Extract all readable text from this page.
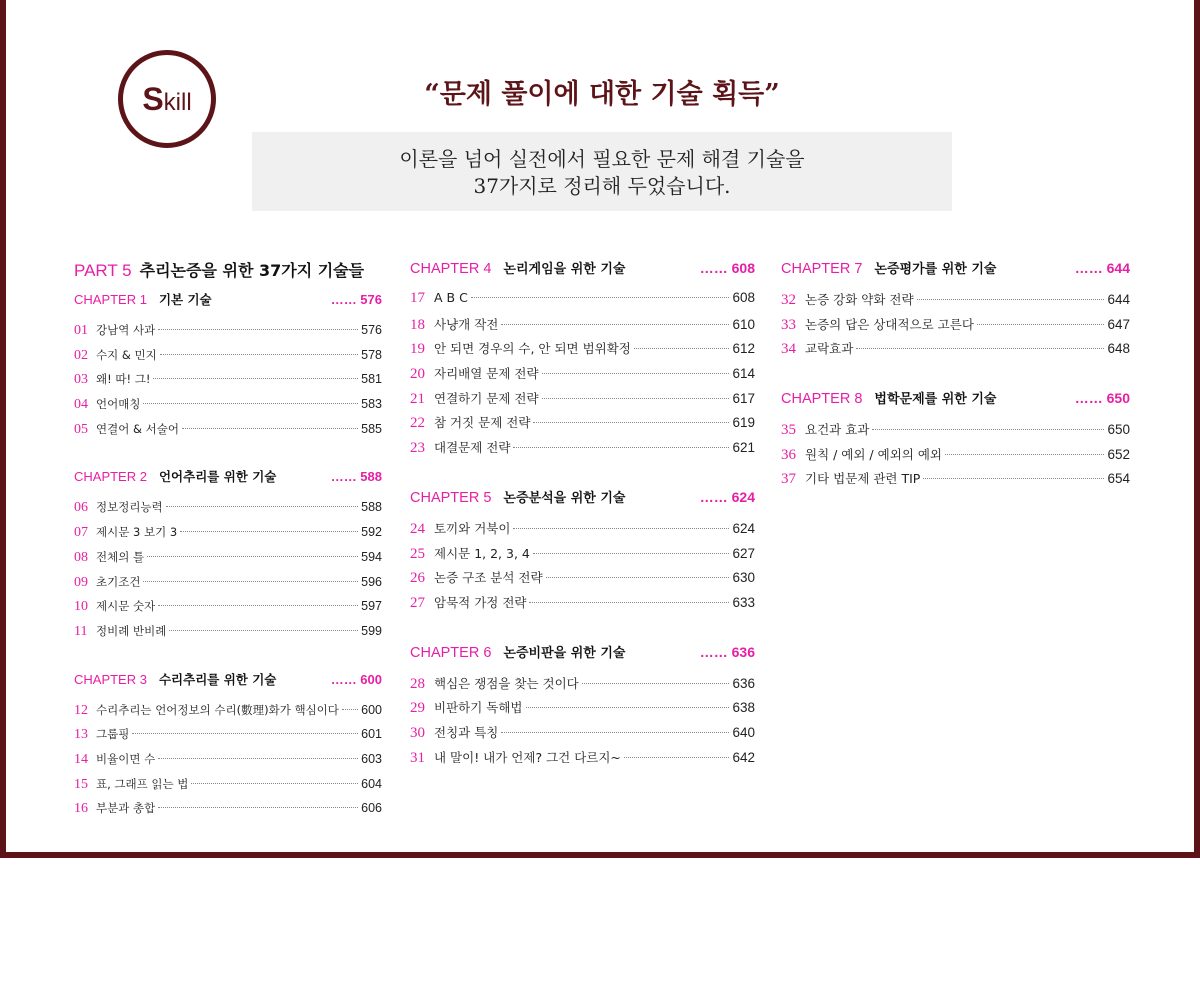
Skill	“문제 풀이에 대한 기술 획득”
이론을 넘어 실전에서 필요한 문제 해결 기술을
37가지로 정리해 두었습니다.
PART 5 추리논증을 위한 37가지 기술들
CHAPTER 1 기본 기술	…… 576
01 강남역 사과	576
02 수지 & 민지	578
03 왜! 따! 그!	581
04 언어매칭	583
05 연결어 & 서술어	585
CHAPTER 2 언어추리를 위한 기술	…… 588
06 정보정리능력	588
07 제시문 3 보기 3	592
08 전체의 틀	594
09 초기조건	596
10 제시문 숫자	597
11 정비례 반비례	599
CHAPTER 3 수리추리를 위한 기술	…… 600
12 수리추리는 언어정보의 수리(數理)화가 핵심이다 600
13 그룹핑	601
14 비율이면 수	603
15 표, 그래프 읽는 법	604
16 부분과 총합	606
CHAPTER 4 논리게임을 위한 기술	…… 608
17 A B C	608
18 사냥개 작전	610
19 안 되면 경우의 수, 안 되면 범위확정	612
20 자리배열 문제 전략	614
21 연결하기 문제 전략	617
22 참 거짓 문제 전략	619
23 대결문제 전략	621
CHAPTER 5 논증분석을 위한 기술	…… 624
24 토끼와 거북이	624
25 제시문 1, 2, 3, 4	627
26 논증 구조 분석 전략	630
27 암묵적 가정 전략	633
CHAPTER 6 논증비판을 위한 기술	…… 636
28 핵심은 쟁점을 찾는 것이다	636
29 비판하기 독해법	638
30 전칭과 특칭	640
31 내 말이! 내가 언제? 그건 다르지~	642
CHAPTER 7 논증평가를 위한 기술	…… 644
32 논증 강화 약화 전략	644
33 논증의 답은 상대적으로 고른다	647
34 교락효과	648
CHAPTER 8 법학문제를 위한 기술	…… 650
35 요건과 효과	650
36 원칙 / 예외 / 예외의 예외	652
37 기타 법문제 관련 TIP	654
